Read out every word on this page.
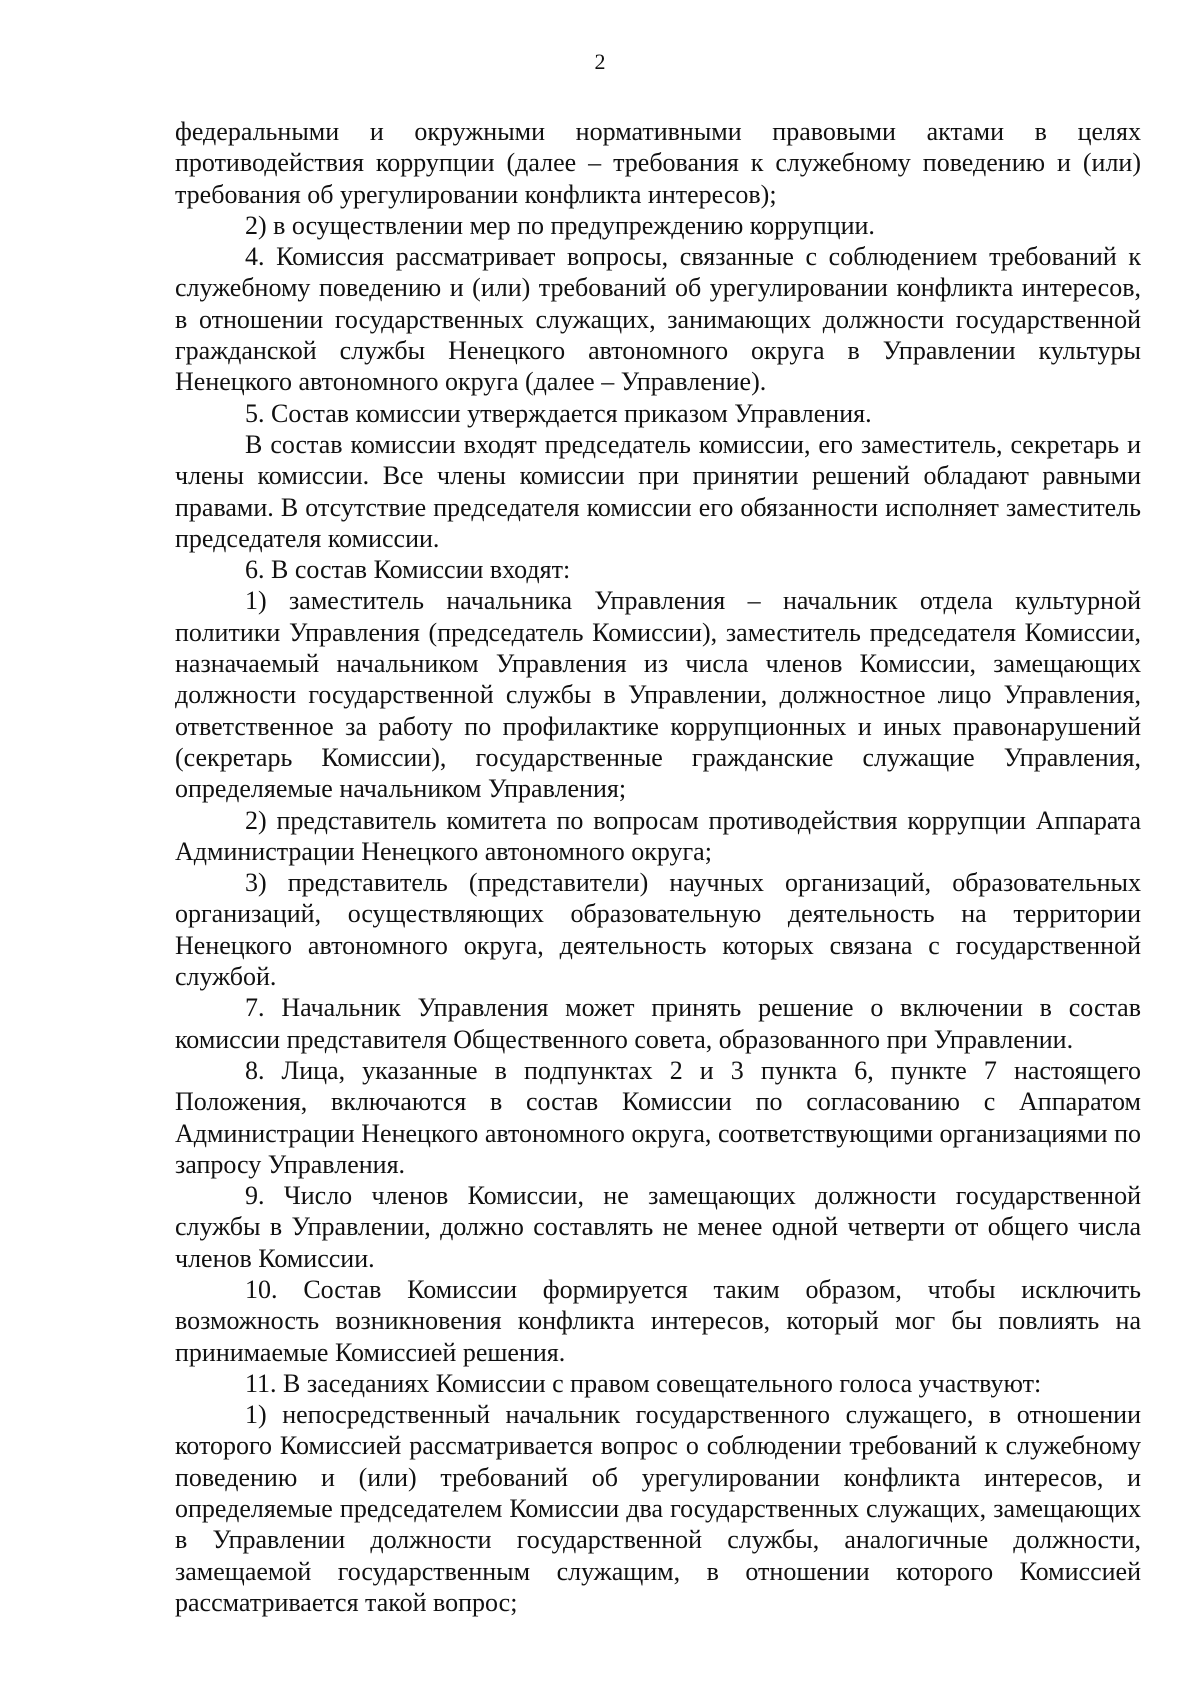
2

федеральными и окружными нормативными правовыми актами в целях противодействия коррупции (далее – требования к служебному поведению и (или) требования об урегулировании конфликта интересов);

2) в осуществлении мер по предупреждению коррупции.

4. Комиссия рассматривает вопросы, связанные с соблюдением требований к служебному поведению и (или) требований об урегулировании конфликта интересов, в отношении государственных служащих, занимающих должности государственной гражданской службы Ненецкого автономного округа в Управлении культуры Ненецкого автономного округа (далее – Управление).

5. Состав комиссии утверждается приказом Управления.

В состав комиссии входят председатель комиссии, его заместитель, секретарь и члены комиссии. Все члены комиссии при принятии решений обладают равными правами. В отсутствие председателя комиссии его обязанности исполняет заместитель председателя комиссии.

6. В состав Комиссии входят:

1) заместитель начальника Управления – начальник отдела культурной политики Управления (председатель Комиссии), заместитель председателя Комиссии, назначаемый начальником Управления из числа членов Комиссии, замещающих должности государственной службы в Управлении, должностное лицо Управления, ответственное за работу по профилактике коррупционных и иных правонарушений (секретарь Комиссии), государственные гражданские служащие Управления, определяемые начальником Управления;

2) представитель комитета по вопросам противодействия коррупции Аппарата Администрации Ненецкого автономного округа;

3) представитель (представители) научных организаций, образовательных организаций, осуществляющих образовательную деятельность на территории Ненецкого автономного округа, деятельность которых связана с государственной службой.

7. Начальник Управления может принять решение о включении в состав комиссии представителя Общественного совета, образованного при Управлении.

8. Лица, указанные в подпунктах 2 и 3 пункта 6, пункте 7 настоящего Положения, включаются в состав Комиссии по согласованию с Аппаратом Администрации Ненецкого автономного округа, соответствующими организациями по запросу Управления.

9. Число членов Комиссии, не замещающих должности государственной службы в Управлении, должно составлять не менее одной четверти от общего числа членов Комиссии.

10. Состав Комиссии формируется таким образом, чтобы исключить возможность возникновения конфликта интересов, который мог бы повлиять на принимаемые Комиссией решения.

11. В заседаниях Комиссии с правом совещательного голоса участвуют:

1) непосредственный начальник государственного служащего, в отношении которого Комиссией рассматривается вопрос о соблюдении требований к служебному поведению и (или) требований об урегулировании конфликта интересов, и определяемые председателем Комиссии два государственных служащих, замещающих в Управлении должности государственной службы, аналогичные должности, замещаемой государственным служащим, в отношении которого Комиссией рассматривается такой вопрос;
